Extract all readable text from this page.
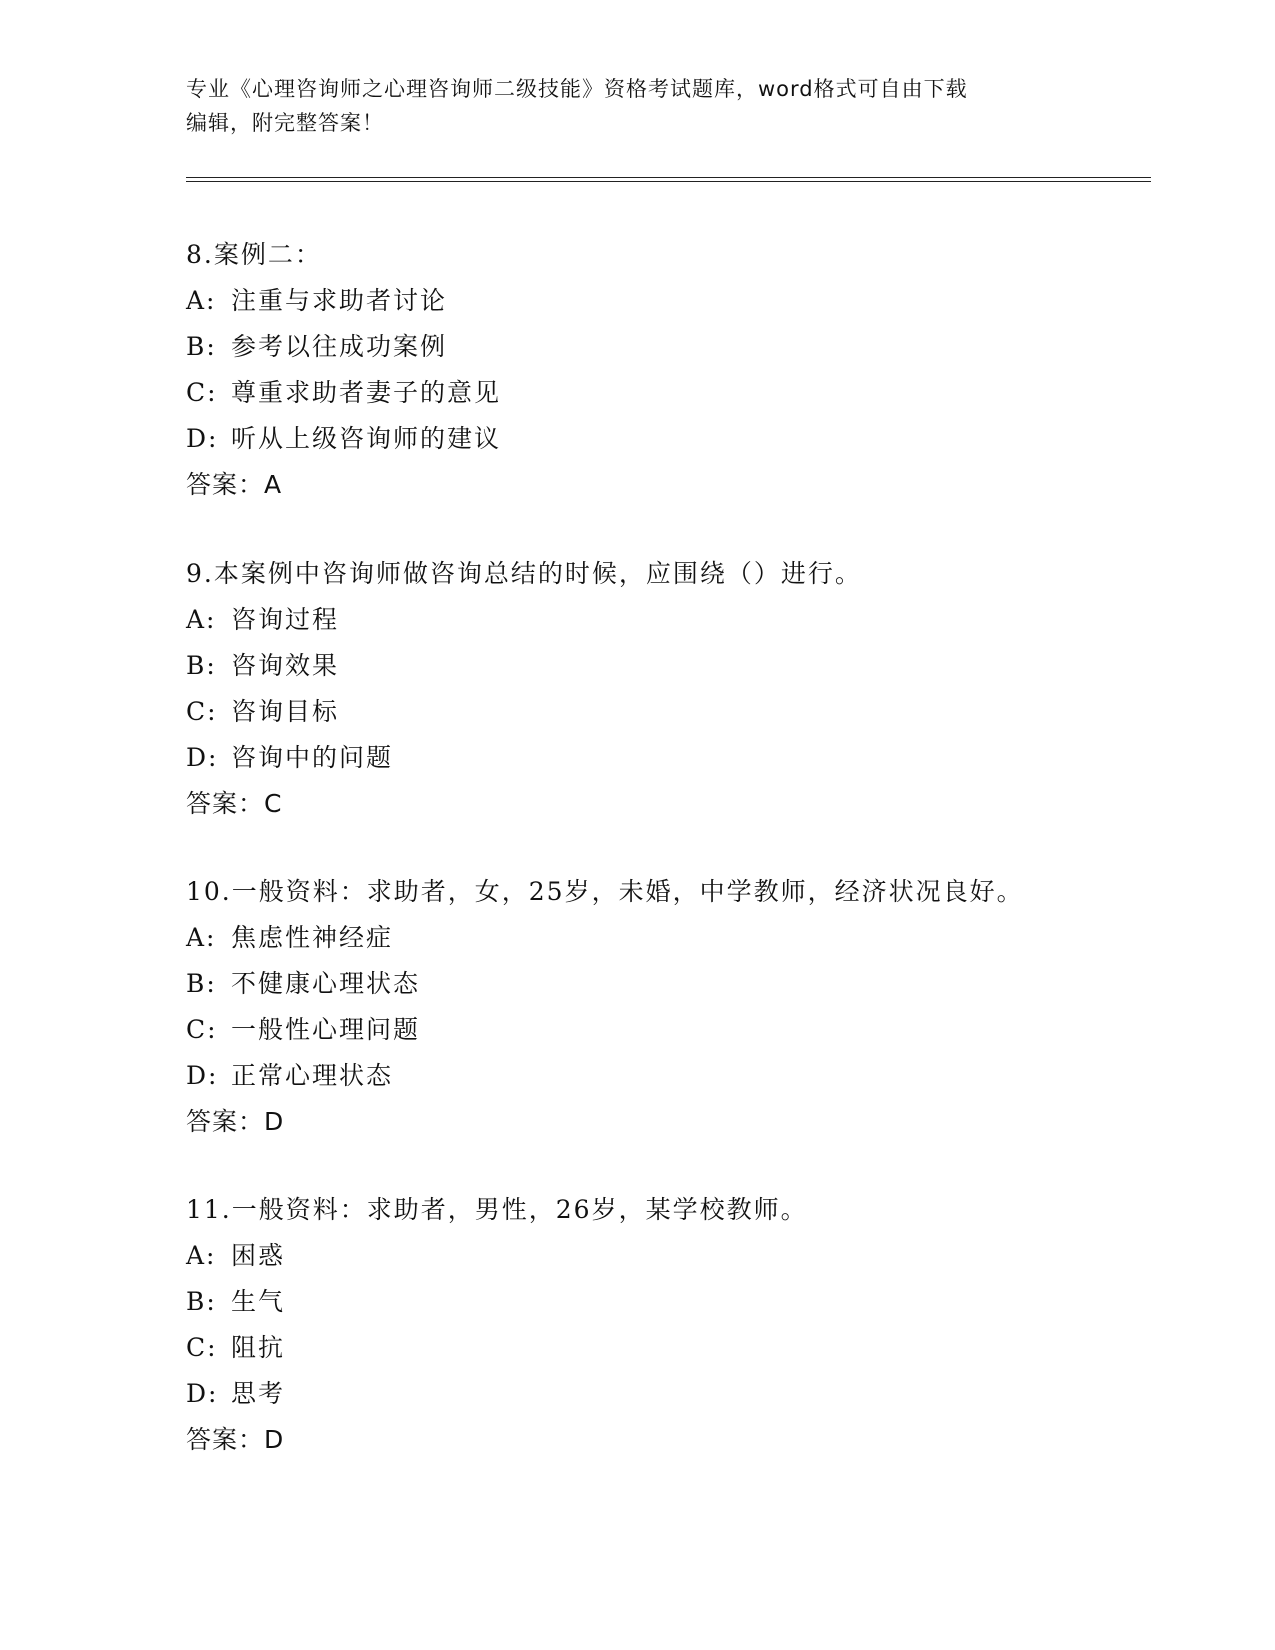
专业《心理咨询师之心理咨询师二级技能》资格考试题库，word格式可自由下载
编辑，附完整答案！
8.案例二：
A: 注重与求助者讨论
B: 参考以往成功案例
C: 尊重求助者妻子的意见
D: 听从上级咨询师的建议
答案：A
9.本案例中咨询师做咨询总结的时候，应围绕（）进行。
A: 咨询过程
B: 咨询效果
C: 咨询目标
D: 咨询中的问题
答案：C
10.一般资料：求助者，女，25岁，未婚，中学教师，经济状况良好。
A: 焦虑性神经症
B: 不健康心理状态
C: 一般性心理问题
D: 正常心理状态
答案：D
11.一般资料：求助者，男性，26岁，某学校教师。
A: 困惑
B: 生气
C: 阻抗
D: 思考
答案：D
